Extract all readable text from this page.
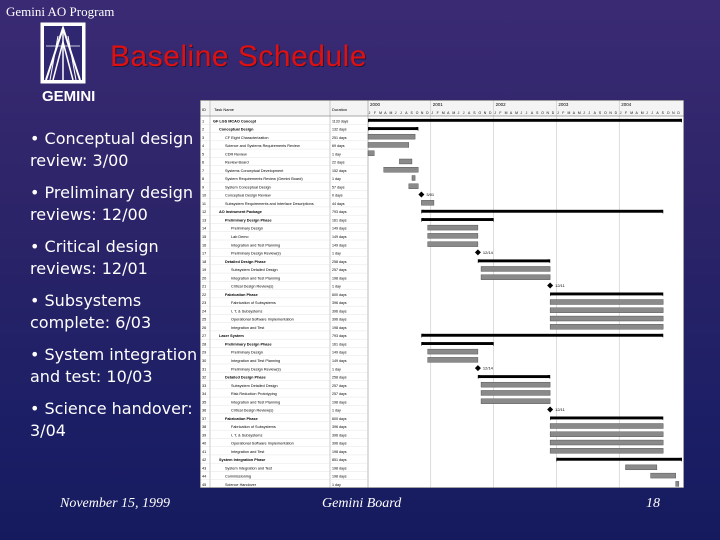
Gemini AO Program
GEMINI
Baseline Schedule
• Conceptual design review: 3/00
• Preliminary design reviews: 12/00
• Critical design reviews: 12/01
• Subsystems complete: 6/03
• System integration and test: 10/03
• Science handover: 3/04
ID Task Name	Duration
2000
J F M A M J J A S O N D
2001
J F M A M J J A S O N D
2002
J F M A M J J A S O N D
2003
J F M A M J J A S O N D
2004
J F M A M J J A S O N D
1 GF LGS MCAO Concept	1133 days
2	Conceptual Design	132 days
3	CF Eight Characterization	251 days
4	Science and Systems Requirements Review	69 days
5	CDR Review	1 day
6	Review Board	22 days
7	Systems Conceptual Development	152 days
8	System Requirements Review (Gemini Board)	1 day
9	System Conceptual Design	57 days
10	Conceptual Design Review	0 days	3/01
11	Subsystem Requirements and Interface Descriptions	44 days
12	AO Instrument Package	793 days
13	Preliminary Design Phase	161 days
14	Preliminary Design	149 days
15	Lab Demo	149 days
16	Integration and Test Planning	149 days
17	Preliminary Design Review(s)	1 day	12/14
18	Detailed Design Phase	258 days
19	Subsystem Detailed Design	257 days
20	Integration and Test Planning	198 days
21	Critical Design Review(s)	1 day	12/11
22	Fabrication Phase	600 days
23	Fabrication of Subsystems	396 days
24	I, T, & Subsystems	396 days
25	Operational Software Implementation	396 days
26	Integration and Test	198 days
27	Laser System	793 days
28	Preliminary Design Phase	161 days
29	Preliminary Design	149 days
30	Integration and Test Planning	149 days
31	Preliminary Design Review(s)	1 day	12/14
32	Detailed Design Phase	258 days
33	Subsystem Detailed Design	257 days
34	Risk Reduction Prototyping	257 days
35	Integration and Test Planning	198 days
36	Critical Design Review(s)	1 day	12/11
37	Fabrication Phase	600 days
38	Fabrication of Subsystems	396 days
39	I, T, & Subsystems	396 days
40	Operational Software Implementation	396 days
41	Integration and Test	198 days
42	System Integration Phase	851 days
43	System Integration and Test	198 days
44	Commissioning	198 days
45	Science Handover	1 day
November 15, 1999	Gemini Board	18
